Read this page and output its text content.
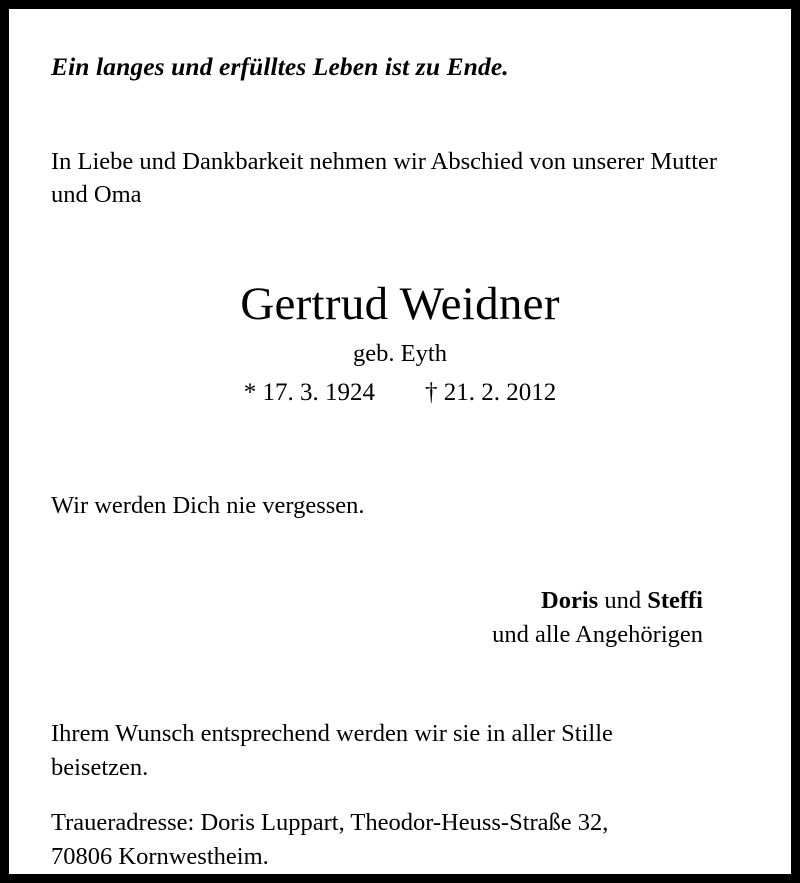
Ein langes und erfülltes Leben ist zu Ende.

In Liebe und Dankbarkeit nehmen wir Abschied von unserer Mutter und Oma

Gertrud Weidner
geb. Eyth
* 17. 3. 1924        † 21. 2. 2012

Wir werden Dich nie vergessen.

Doris und Steffi
und alle Angehörigen

Ihrem Wunsch entsprechend werden wir sie in aller Stille
beisetzen.

Traueradresse: Doris Luppart, Theodor-Heuss-Straße 32,
70806 Kornwestheim.
